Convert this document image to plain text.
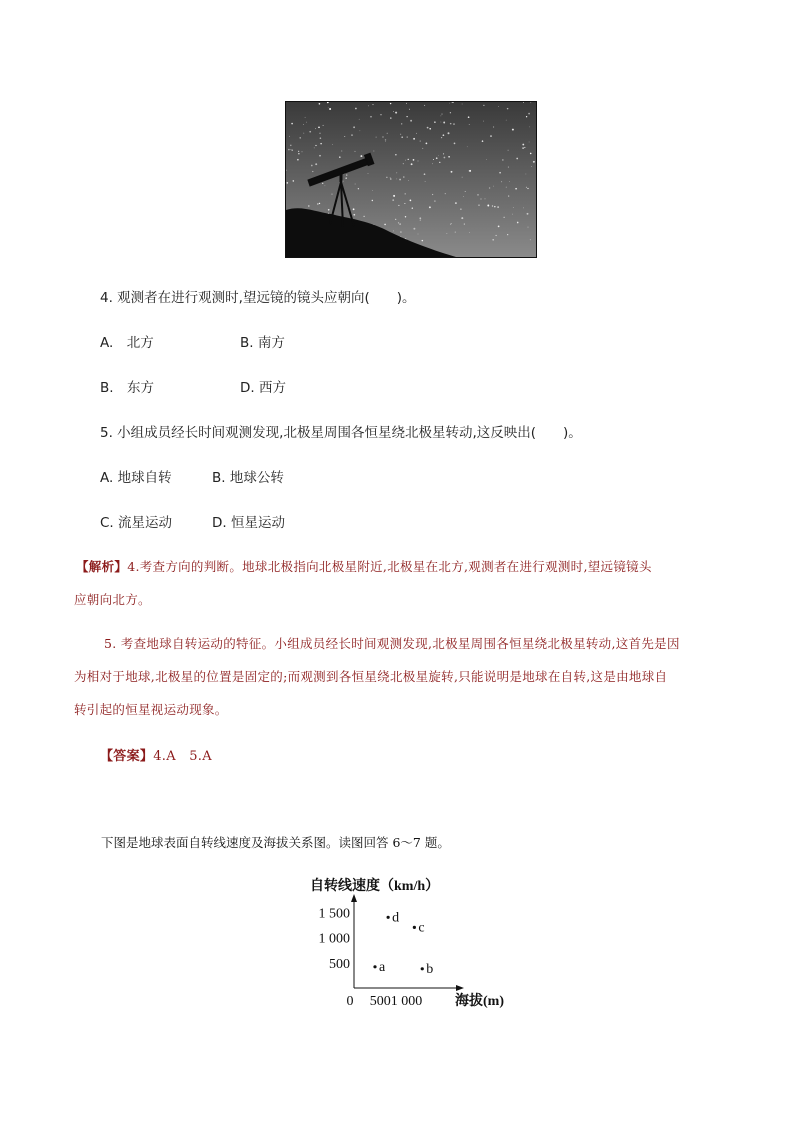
4. 观测者在进行观测时,望远镜的镜头应朝向(　　)。
A.　北方	B. 南方
B.　东方	D. 西方
5. 小组成员经长时间观测发现,北极星周围各恒星绕北极星转动,这反映出(　　)。
A. 地球自转	B. 地球公转
C. 流星运动	D. 恒星运动
【解析】4.考查方向的判断。地球北极指向北极星附近,北极星在北方,观测者在进行观测时,望远镜镜头
应朝向北方。
5. 考查地球自转运动的特征。小组成员经长时间观测发现,北极星周围各恒星绕北极星转动,这首先是因
为相对于地球,北极星的位置是固定的;而观测到各恒星绕北极星旋转,只能说明是地球在自转,这是由地球自
转引起的恒星视运动现象。
【答案】4.A　5.A
下图是地球表面自转线速度及海拔关系图。读图回答 6～7 题。
自转线速度（km/h）
海拔(m)
0 500 1 000
500
1 000
1 500
a	b
c
d
